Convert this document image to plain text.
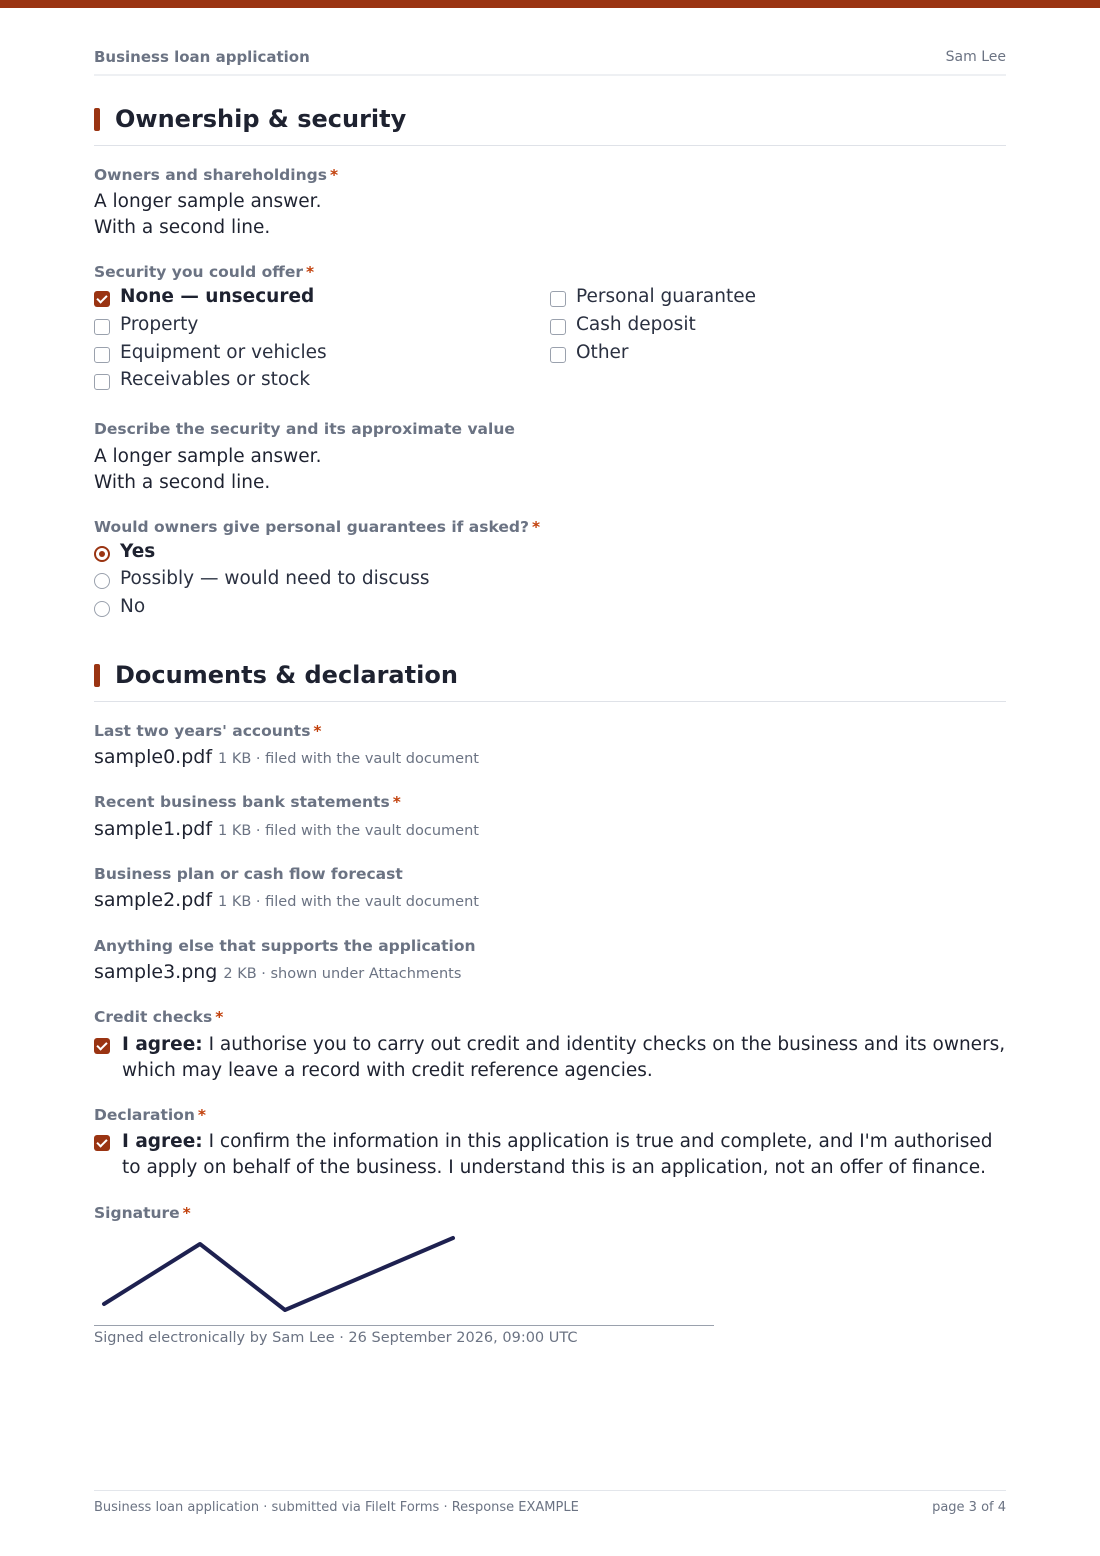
Business loan application	Sam Lee
Ownership & security
Owners and shareholdings *
A longer sample answer.
With a second line.
Security you could offer *
None — unsecured
Property
Equipment or vehicles
Receivables or stock
Personal guarantee
Cash deposit
Other
Describe the security and its approximate value
A longer sample answer.
With a second line.
Would owners give personal guarantees if asked? *
Yes
Possibly — would need to discuss
No
Documents & declaration
Last two years' accounts *
sample0.pdf 1 KB · filed with the vault document
Recent business bank statements *
sample1.pdf 1 KB · filed with the vault document
Business plan or cash flow forecast
sample2.pdf 1 KB · filed with the vault document
Anything else that supports the application
sample3.png 2 KB · shown under Attachments
Credit checks *
I agree: I authorise you to carry out credit and identity checks on the business and its owners, which may leave a record with credit reference agencies.
Declaration *
I agree: I confirm the information in this application is true and complete, and I'm authorised to apply on behalf of the business. I understand this is an application, not an offer of finance.
Signature *
Signed electronically by Sam Lee · 26 September 2026, 09:00 UTC
Business loan application · submitted via FileIt Forms · Response EXAMPLE	page 3 of 4
